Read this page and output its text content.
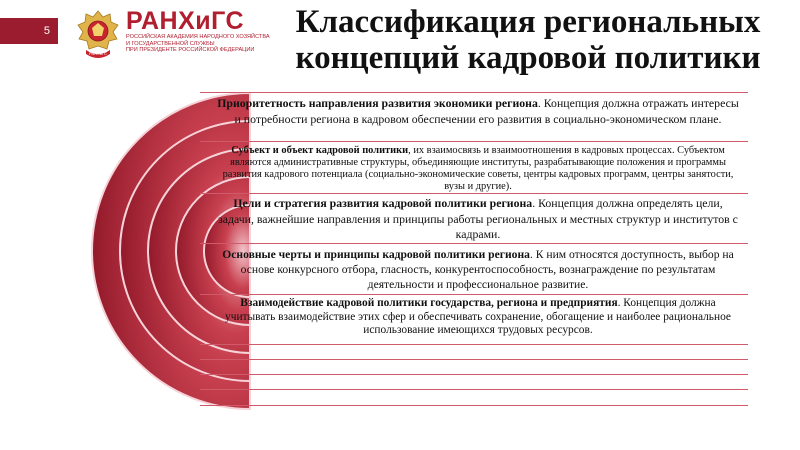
5
РАНХиГС
РАНХиГС
РОССИЙСКАЯ АКАДЕМИЯ НАРОДНОГО ХОЗЯЙСТВА
И ГОСУДАРСТВЕННОЙ СЛУЖБЫ
ПРИ ПРЕЗИДЕНТЕ РОССИЙСКОЙ ФЕДЕРАЦИИ
Классификация региональных
концепций кадровой политики
Приоритетность направления развития экономики региона. Концепция должна отражать интересы и потребности региона в кадровом обеспечении его развития в социально-экономическом плане.
Субъект и объект кадровой политики, их взаимосвязь и взаимоотношения в кадровых процессах. Субъектом являются административные структуры, объединяющие институты, разрабатывающие положения и программы развития кадрового потенциала (социально-экономические советы, центры кадровых программ, центры занятости, вузы и другие).
Цели и стратегия развития кадровой политики региона. Концепция должна определять цели, задачи, важнейшие направления и принципы работы региональных и местных структур и институтов с кадрами.
Основные черты и принципы кадровой политики региона. К ним относятся доступность, выбор на основе конкурсного отбора, гласность, конкурентоспособность, вознаграждение по результатам деятельности и профессиональное развитие.
Взаимодействие кадровой политики государства, региона и предприятия. Концепция должна учитывать взаимодействие этих сфер и обеспечивать сохранение, обогащение и наиболее рациональное использование имеющихся трудовых ресурсов.
